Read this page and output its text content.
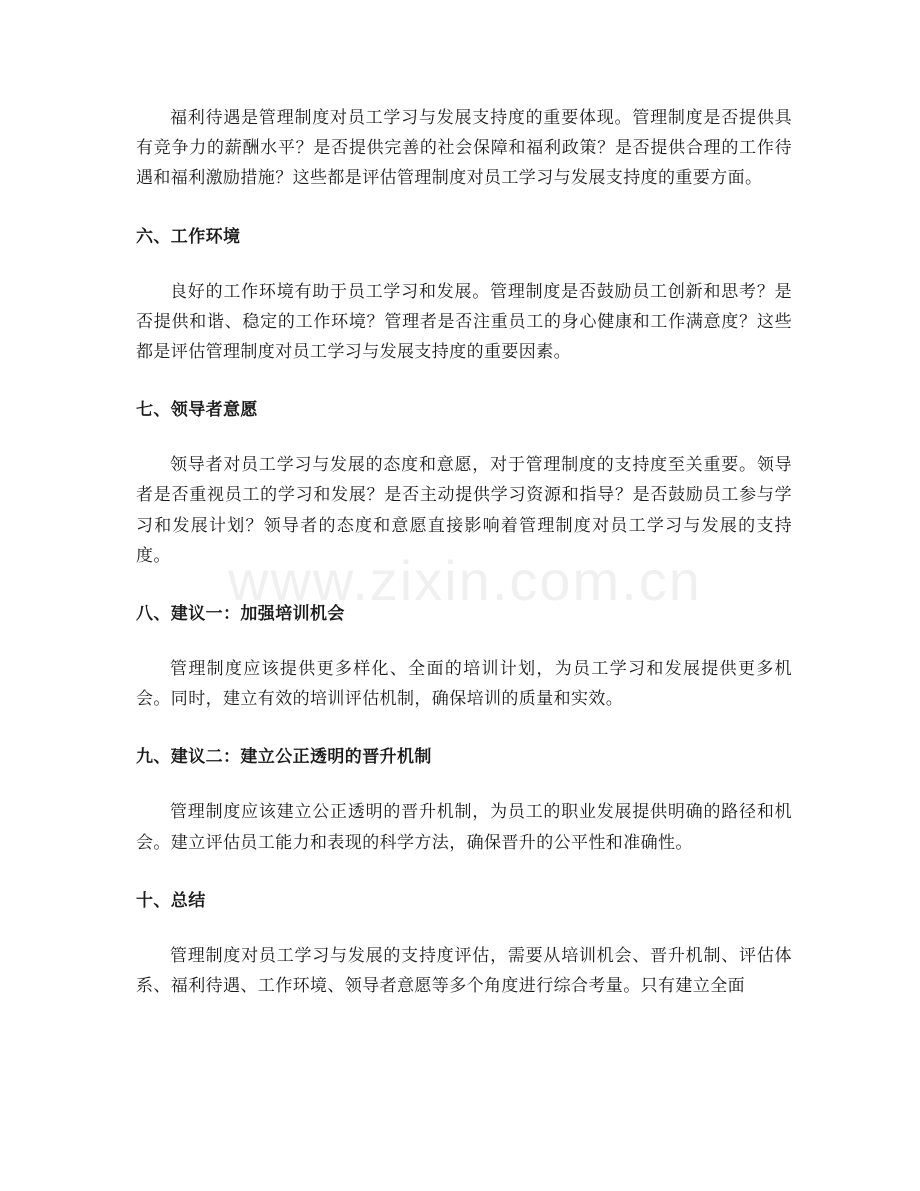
www.zixin.com.cn

福利待遇是管理制度对员工学习与发展支持度的重要体现。管理制度是否提供具有竞争力的薪酬水平？是否提供完善的社会保障和福利政策？是否提供合理的工作待遇和福利激励措施？这些都是评估管理制度对员工学习与发展支持度的重要方面。

六、工作环境

良好的工作环境有助于员工学习和发展。管理制度是否鼓励员工创新和思考？是否提供和谐、稳定的工作环境？管理者是否注重员工的身心健康和工作满意度？这些都是评估管理制度对员工学习与发展支持度的重要因素。

七、领导者意愿

领导者对员工学习与发展的态度和意愿，对于管理制度的支持度至关重要。领导者是否重视员工的学习和发展？是否主动提供学习资源和指导？是否鼓励员工参与学习和发展计划？领导者的态度和意愿直接影响着管理制度对员工学习与发展的支持度。

八、建议一：加强培训机会

管理制度应该提供更多样化、全面的培训计划，为员工学习和发展提供更多机会。同时，建立有效的培训评估机制，确保培训的质量和实效。

九、建议二：建立公正透明的晋升机制

管理制度应该建立公正透明的晋升机制，为员工的职业发展提供明确的路径和机会。建立评估员工能力和表现的科学方法，确保晋升的公平性和准确性。

十、总结

管理制度对员工学习与发展的支持度评估，需要从培训机会、晋升机制、评估体系、福利待遇、工作环境、领导者意愿等多个角度进行综合考量。只有建立全面
